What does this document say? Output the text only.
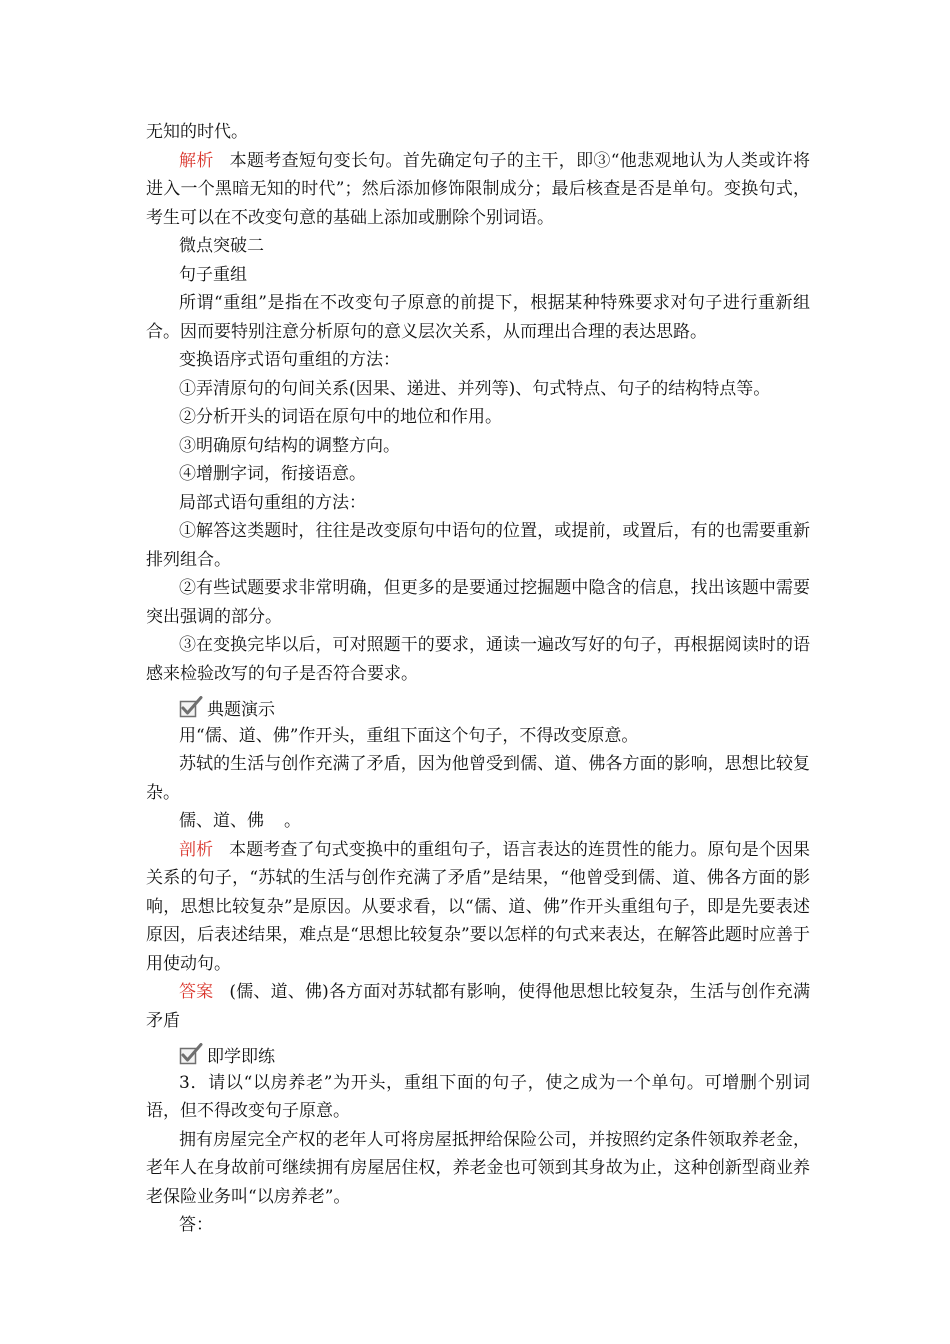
无知的时代。

解析 本题考查短句变长句。首先确定句子的主干，即③“他悲观地认为人类或许将进入一个黑暗无知的时代”；然后添加修饰限制成分；最后核查是否是单句。变换句式，考生可以在不改变句意的基础上添加或删除个别词语。

微点突破二

句子重组

所谓“重组”是指在不改变句子原意的前提下，根据某种特殊要求对句子进行重新组合。因而要特别注意分析原句的意义层次关系，从而理出合理的表达思路。

变换语序式语句重组的方法：

①弄清原句的句间关系(因果、递进、并列等)、句式特点、句子的结构特点等。

②分析开头的词语在原句中的地位和作用。

③明确原句结构的调整方向。

④增删字词，衔接语意。

局部式语句重组的方法：

①解答这类题时，往往是改变原句中语句的位置，或提前，或置后，有的也需要重新排列组合。

②有些试题要求非常明确，但更多的是要通过挖掘题中隐含的信息，找出该题中需要突出强调的部分。

③在变换完毕以后，可对照题干的要求，通读一遍改写好的句子，再根据阅读时的语感来检验改写的句子是否符合要求。

典题演示

用“儒、道、佛”作开头，重组下面这个句子，不得改变原意。

苏轼的生活与创作充满了矛盾，因为他曾受到儒、道、佛各方面的影响，思想比较复杂。

儒、道、佛 。

剖析 本题考查了句式变换中的重组句子，语言表达的连贯性的能力。原句是个因果关系的句子，“苏轼的生活与创作充满了矛盾”是结果，“他曾受到儒、道、佛各方面的影响，思想比较复杂”是原因。从要求看，以“儒、道、佛”作开头重组句子，即是先要表述原因，后表述结果，难点是“思想比较复杂”要以怎样的句式来表达，在解答此题时应善于用使动句。

答案 (儒、道、佛)各方面对苏轼都有影响，使得他思想比较复杂，生活与创作充满矛盾

即学即练

3．请以“以房养老”为开头，重组下面的句子，使之成为一个单句。可增删个别词语，但不得改变句子原意。

拥有房屋完全产权的老年人可将房屋抵押给保险公司，并按照约定条件领取养老金，老年人在身故前可继续拥有房屋居住权，养老金也可领到其身故为止，这种创新型商业养老保险业务叫“以房养老”。

答：
